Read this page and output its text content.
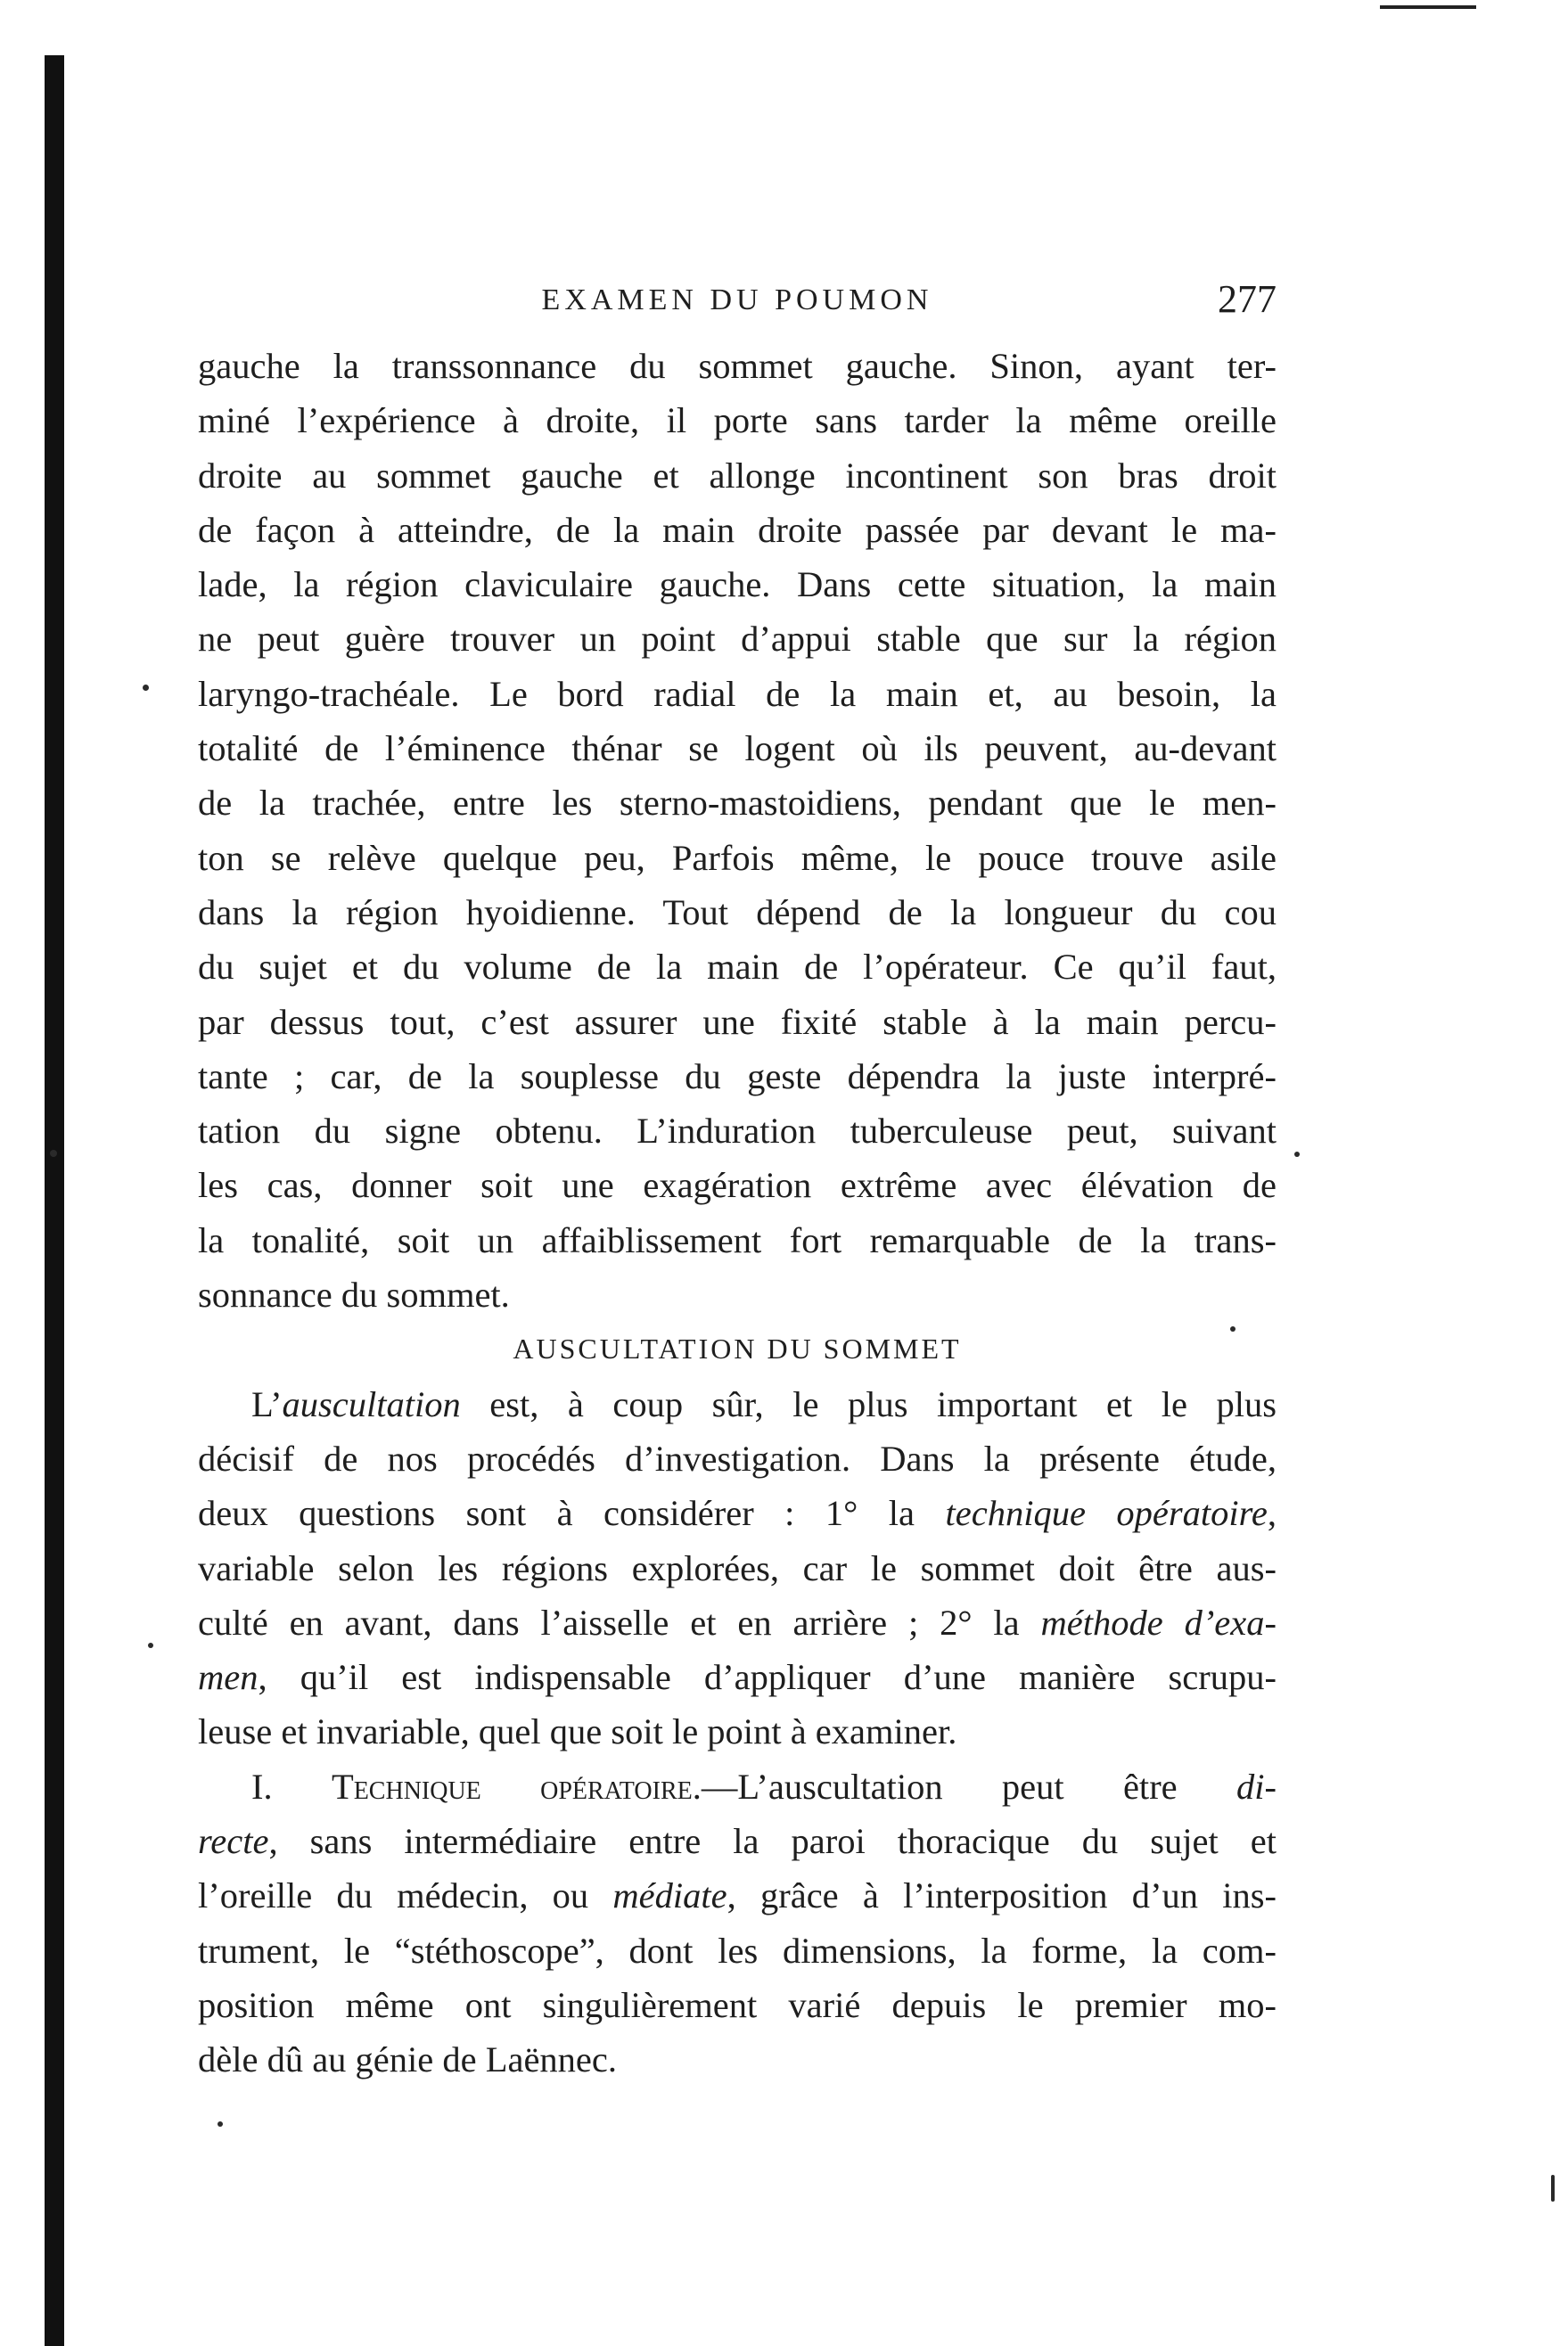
EXAMEN DU POUMON	277
gauche la transsonnance du sommet gauche. Sinon, ayant ter-
miné l’expérience à droite, il porte sans tarder la même oreille
droite au sommet gauche et allonge incontinent son bras droit
de façon à atteindre, de la main droite passée par devant le ma-
lade, la région claviculaire gauche. Dans cette situation, la main
ne peut guère trouver un point d’appui stable que sur la région
laryngo-trachéale. Le bord radial de la main et, au besoin, la
totalité de l’éminence thénar se logent où ils peuvent, au-devant
de la trachée, entre les sterno-mastoidiens, pendant que le men-
ton se relève quelque peu, Parfois même, le pouce trouve asile
dans la région hyoidienne. Tout dépend de la longueur du cou
du sujet et du volume de la main de l’opérateur. Ce qu’il faut,
par dessus tout, c’est assurer une fixité stable à la main percu-
tante ; car, de la souplesse du geste dépendra la juste interpré-
tation du signe obtenu. L’induration tuberculeuse peut, suivant
les cas, donner soit une exagération extrême avec élévation de
la tonalité, soit un affaiblissement fort remarquable de la trans-
sonnance du sommet.
AUSCULTATION DU SOMMET
L’auscultation est, à coup sûr, le plus important et le plus
décisif de nos procédés d’investigation. Dans la présente étude,
deux questions sont à considérer : 1° la technique opératoire,
variable selon les régions explorées, car le sommet doit être aus-
culté en avant, dans l’aisselle et en arrière ; 2° la méthode d’exa-
men, qu’il est indispensable d’appliquer d’une manière scrupu-
leuse et invariable, quel que soit le point à examiner.
I. Technique opératoire.—L’auscultation peut être di-
recte, sans intermédiaire entre la paroi thoracique du sujet et
l’oreille du médecin, ou médiate, grâce à l’interposition d’un ins-
trument, le “stéthoscope”, dont les dimensions, la forme, la com-
position même ont singulièrement varié depuis le premier mo-
dèle dû au génie de Laënnec.
